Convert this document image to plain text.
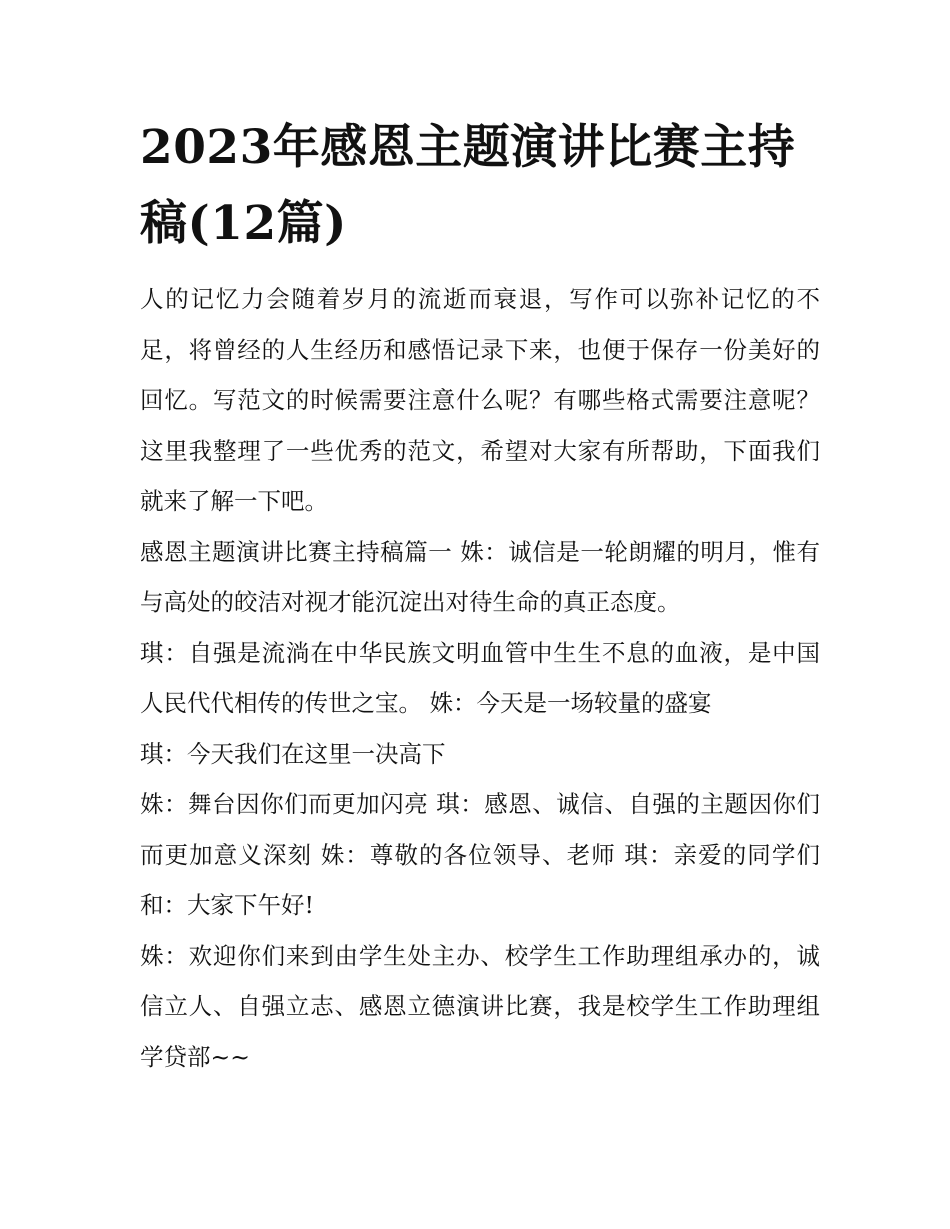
2023年感恩主题演讲比赛主持稿(12篇)

人的记忆力会随着岁月的流逝而衰退，写作可以弥补记忆的不足，将曾经的人生经历和感悟记录下来，也便于保存一份美好的回忆。写范文的时候需要注意什么呢？有哪些格式需要注意呢？这里我整理了一些优秀的范文，希望对大家有所帮助，下面我们就来了解一下吧。

感恩主题演讲比赛主持稿篇一 姝：诚信是一轮朗耀的明月，惟有与高处的皎洁对视才能沉淀出对待生命的真正态度。

琪：自强是流淌在中华民族文明血管中生生不息的血液，是中国人民代代相传的传世之宝。 姝：今天是一场较量的盛宴

琪：今天我们在这里一决高下

姝：舞台因你们而更加闪亮 琪：感恩、诚信、自强的主题因你们而更加意义深刻 姝：尊敬的各位领导、老师 琪：亲爱的同学们 和：大家下午好!

姝：欢迎你们来到由学生处主办、校学生工作助理组承办的，诚信立人、自强立志、感恩立德演讲比赛，我是校学生工作助理组学贷部~~
